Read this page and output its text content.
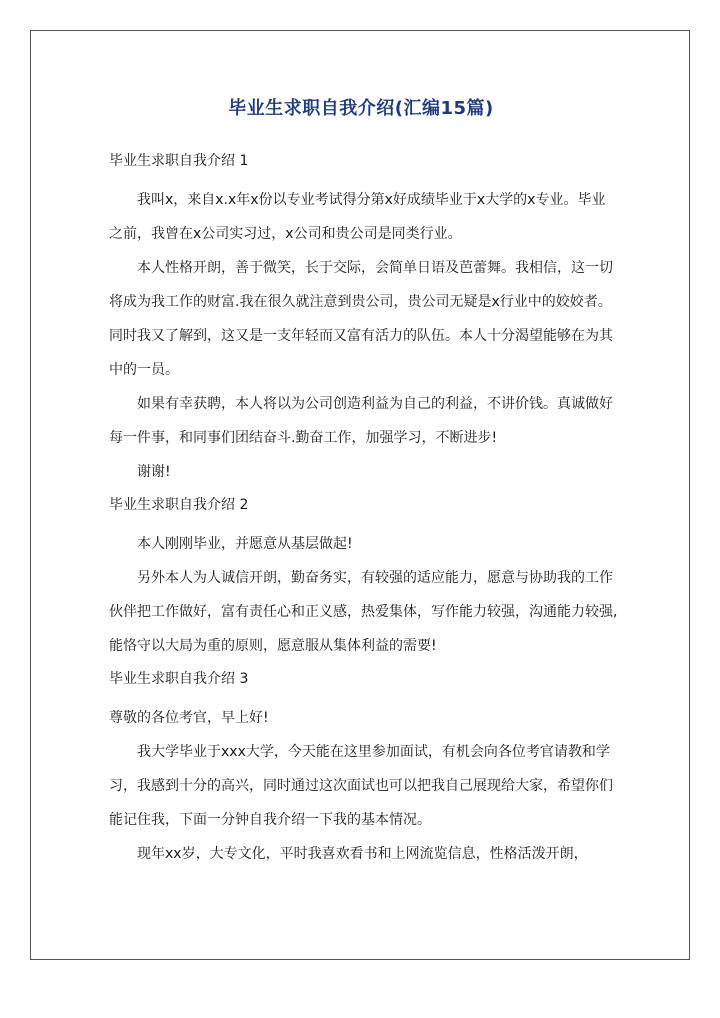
毕业生求职自我介绍(汇编15篇)
毕业生求职自我介绍 1

我叫x，来自x.x年x份以专业考试得分第x好成绩毕业于x大学的x专业。毕业之前，我曾在x公司实习过，x公司和贵公司是同类行业。

本人性格开朗，善于微笑，长于交际，会简单日语及芭蕾舞。我相信，这一切将成为我工作的财富.我在很久就注意到贵公司，贵公司无疑是x行业中的姣姣者。同时我又了解到，这又是一支年轻而又富有活力的队伍。本人十分渴望能够在为其中的一员。

如果有幸获聘，本人将以为公司创造利益为自己的利益，不讲价钱。真诚做好每一件事，和同事们团结奋斗.勤奋工作，加强学习，不断进步!

谢谢!

毕业生求职自我介绍 2

本人刚刚毕业，并愿意从基层做起!

另外本人为人诚信开朗，勤奋务实，有较强的适应能力，愿意与协助我的工作伙伴把工作做好，富有责任心和正义感，热爱集体，写作能力较强，沟通能力较强,能恪守以大局为重的原则，愿意服从集体利益的需要!

毕业生求职自我介绍 3

尊敬的各位考官，早上好!

我大学毕业于xxx大学，今天能在这里参加面试，有机会向各位考官请教和学习，我感到十分的高兴，同时通过这次面试也可以把我自己展现给大家，希望你们能记住我，下面一分钟自我介绍一下我的基本情况。

现年xx岁，大专文化，平时我喜欢看书和上网流览信息，性格活泼开朗，
